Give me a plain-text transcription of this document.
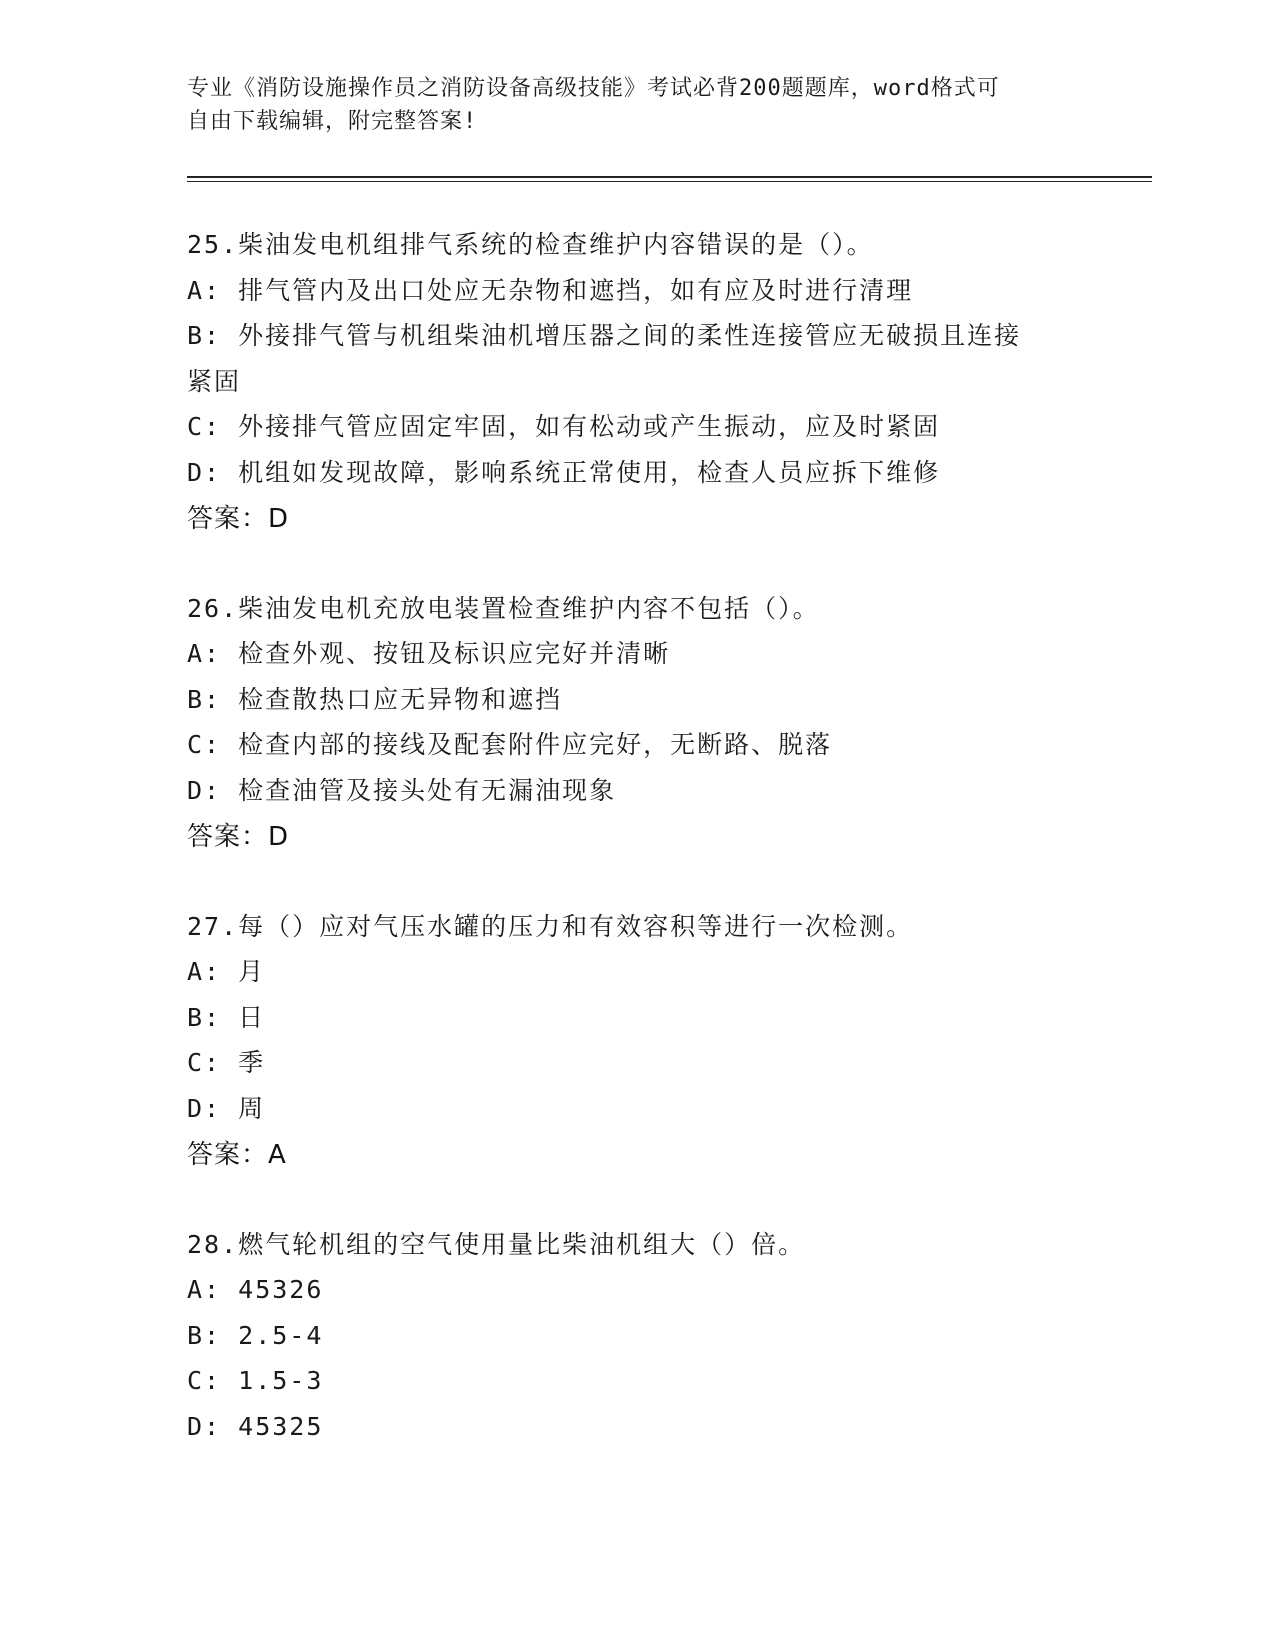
专业《消防设施操作员之消防设备高级技能》考试必背200题题库，word格式可
自由下载编辑，附完整答案!
25.柴油发电机组排气系统的检查维护内容错误的是（）。
A: 排气管内及出口处应无杂物和遮挡，如有应及时进行清理
B: 外接排气管与机组柴油机增压器之间的柔性连接管应无破损且连接
紧固
C: 外接排气管应固定牢固，如有松动或产生振动，应及时紧固
D: 机组如发现故障，影响系统正常使用，检查人员应拆下维修
答案：D
26.柴油发电机充放电装置检查维护内容不包括（）。
A: 检查外观、按钮及标识应完好并清晰
B: 检查散热口应无异物和遮挡
C: 检查内部的接线及配套附件应完好，无断路、脱落
D: 检查油管及接头处有无漏油现象
答案：D
27.每（）应对气压水罐的压力和有效容积等进行一次检测。
A: 月
B: 日
C: 季
D: 周
答案：A
28.燃气轮机组的空气使用量比柴油机组大（）倍。
A: 45326
B: 2.5-4
C: 1.5-3
D: 45325
